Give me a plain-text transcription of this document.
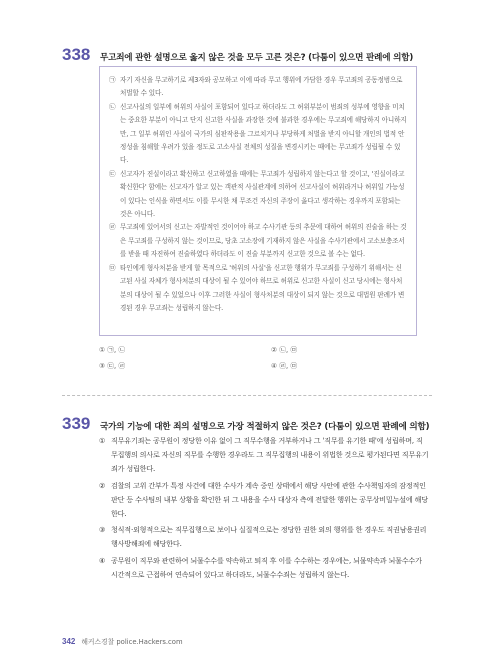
338	무고죄에 관한 설명으로 옳지 않은 것을 모두 고른 것은? (다툼이 있으면 판례에 의함)
㉠ 자기 자신을 무고하기로 제3자와 공모하고 이에 따라 무고 행위에 가담한 경우 무고죄의 공동정범으로 처벌할 수 있다.
㉡ 신고사실의 일부에 허위의 사실이 포함되어 있다고 하더라도 그 허위부분이 범죄의 성부에 영향을 미치는 중요한 부분이 아니고 단지 신고한 사실을 과장한 것에 불과한 경우에는 무고죄에 해당하지 아니하지만, 그 일부 허위인 사실이 국가의 심판작용을 그르치거나 부당하게 처벌을 받지 아니할 개인의 법적 안정성을 침해할 우려가 있을 정도로 고소사실 전체의 성질을 변경시키는 때에는 무고죄가 성립될 수 있다.
㉢ 신고자가 진실이라고 확신하고 신고하였을 때에는 무고죄가 성립하지 않는다고 할 것이고, '진실이라고 확신한다' 함에는 신고자가 알고 있는 객관적 사실관계에 의하여 신고사실이 허위라거나 허위일 가능성이 있다는 인식을 하면서도 이를 무시한 채 무조건 자신의 주장이 옳다고 생각하는 경우까지 포함되는 것은 아니다.
㉣ 무고죄에 있어서의 신고는 자발적인 것이어야 하고 수사기관 등의 추문에 대하여 허위의 진술을 하는 것은 무고죄를 구성하지 않는 것이므로, 당초 고소장에 기재하지 않은 사실을 수사기관에서 고소보충조서를 받을 때 자진하여 진술하였다 하더라도 이 진술 부분까지 신고한 것으로 볼 수는 없다.
㉤ 타인에게 형사처분을 받게 할 목적으로 '허위의 사실'을 신고한 행위가 무고죄를 구성하기 위해서는 신고된 사실 자체가 형사처분의 대상이 될 수 있어야 하므로 허위로 신고한 사실이 신고 당시에는 형사처분의 대상이 될 수 있었으나 이후 그러한 사실이 형사처분의 대상이 되지 않는 것으로 대법원 판례가 변경된 경우 무고죄는 성립하지 않는다.
① ㉠, ㉡	② ㉡, ㉤
③ ㉢, ㉣	④ ㉣, ㉤
339	국가의 기능에 대한 죄의 설명으로 가장 적절하지 않은 것은? (다툼이 있으면 판례에 의함)
① 직무유기죄는 공무원이 정당한 이유 없이 그 직무수행을 거부하거나 그 '직무를 유기한 때'에 성립하며, 직무집행의 의사로 자신의 직무를 수행한 경우라도 그 직무집행의 내용이 위법한 것으로 평가된다면 직무유기죄가 성립한다.
② 검찰의 고위 간부가 특정 사건에 대한 수사가 계속 중인 상태에서 해당 사안에 관한 수사책임자의 잠정적인 판단 등 수사팀의 내부 상황을 확인한 뒤 그 내용을 수사 대상자 측에 전달한 행위는 공무상비밀누설에 해당한다.
③ 청식적·외형적으로는 직무집행으로 보이나 실질적으로는 정당한 권한 외의 행위를 한 경우도 직권남용권리행사방해죄에 해당한다.
④ 공무원이 직무와 관련하여 뇌물수수를 약속하고 퇴직 후 이를 수수하는 경우에는, 뇌물약속과 뇌물수수가 시간적으로 근접하여 연속되어 있다고 하더라도, 뇌물수수죄는 성립하지 않는다.
342 해커스경찰 police.Hackers.com
